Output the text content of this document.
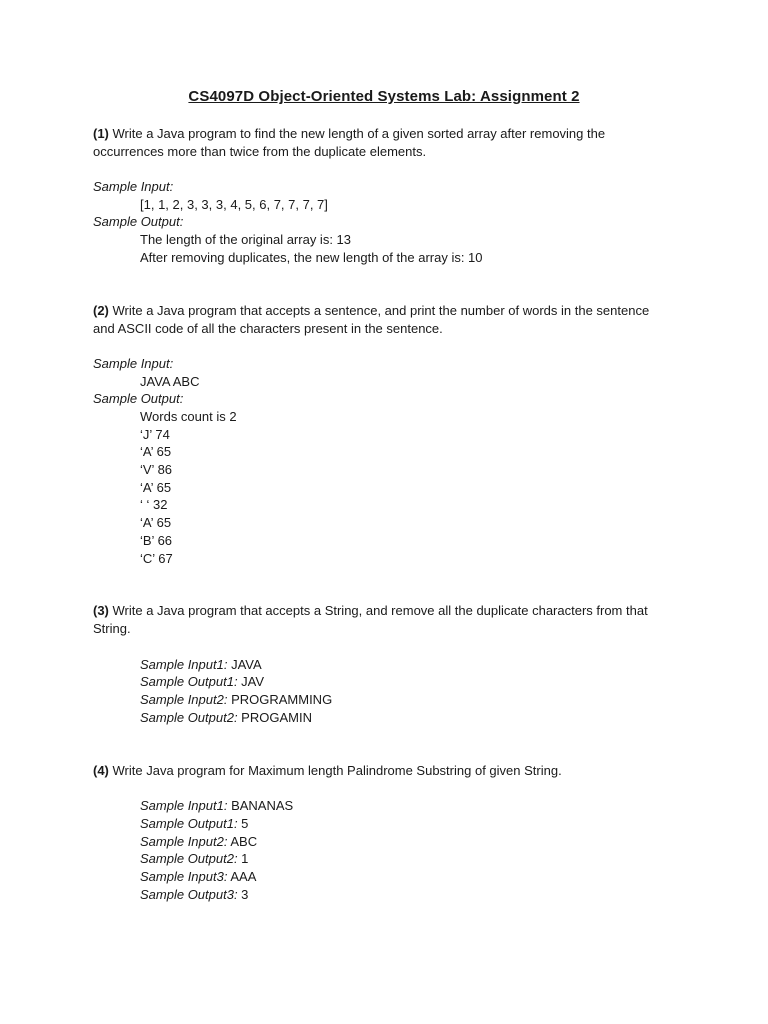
CS4097D Object-Oriented Systems Lab: Assignment 2
(1) Write a Java program to find the new length of a given sorted array after removing the
occurrences more than twice from the duplicate elements.
Sample Input:
[1, 1, 2, 3, 3, 3, 4, 5, 6, 7, 7, 7, 7]
Sample Output:
The length of the original array is: 13
After removing duplicates, the new length of the array is: 10
(2) Write a Java program that accepts a sentence, and print the number of words in the sentence
and ASCII code of all the characters present in the sentence.
Sample Input:
JAVA ABC
Sample Output:
Words count is 2
‘J’ 74
‘A’ 65
‘V’ 86
‘A’ 65
‘ ‘ 32
‘A’ 65
‘B’ 66
‘C’ 67
(3) Write a Java program that accepts a String, and remove all the duplicate characters from that
String.
Sample Input1: JAVA
Sample Output1: JAV
Sample Input2: PROGRAMMING
Sample Output2: PROGAMIN
(4) Write Java program for Maximum length Palindrome Substring of given String.
Sample Input1: BANANAS
Sample Output1: 5
Sample Input2: ABC
Sample Output2: 1
Sample Input3: AAA
Sample Output3: 3
